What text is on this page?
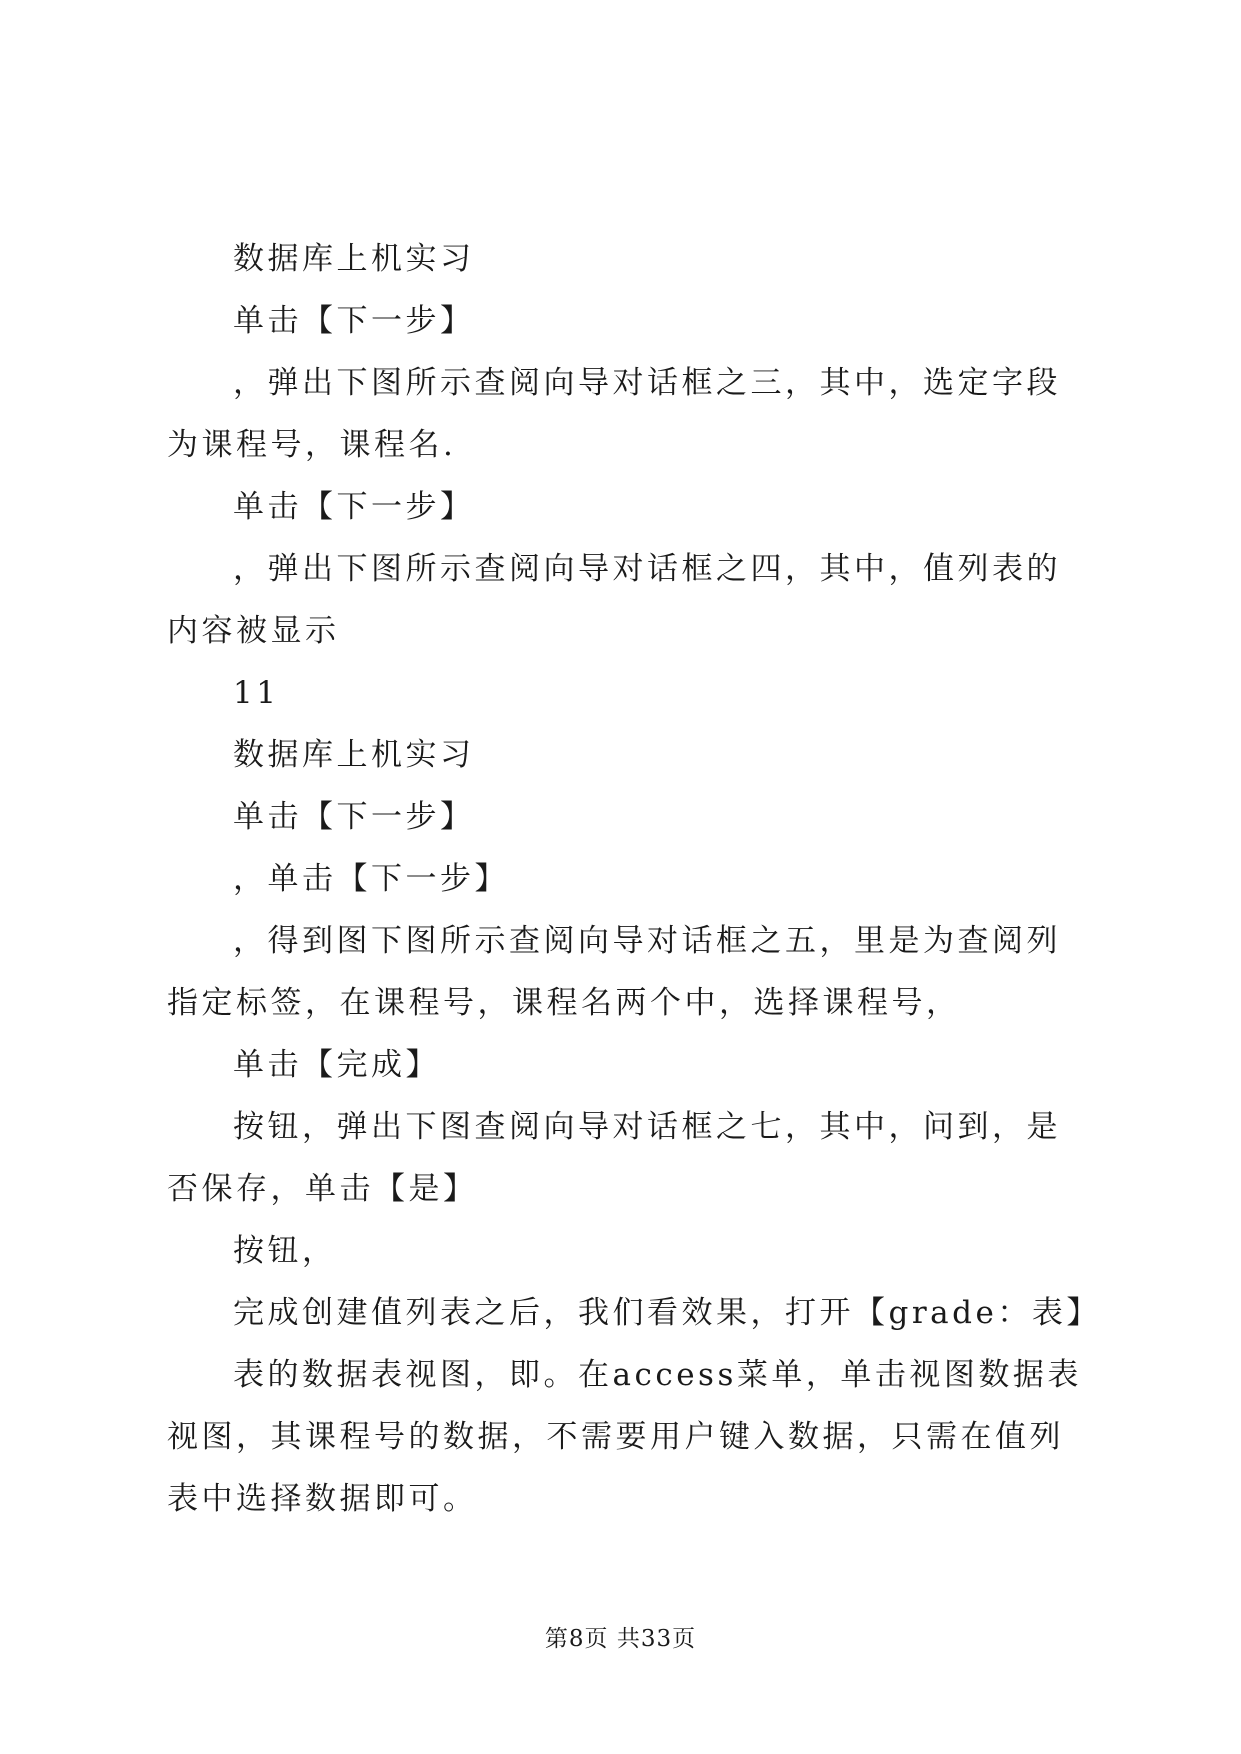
数据库上机实习

单击【下一步】

，弹出下图所示查阅向导对话框之三，其中，选定字段为课程号，课程名.

单击【下一步】

，弹出下图所示查阅向导对话框之四，其中，值列表的内容被显示

11

数据库上机实习

单击【下一步】

，单击【下一步】

，得到图下图所示查阅向导对话框之五，里是为查阅列指定标签，在课程号，课程名两个中，选择课程号，

单击【完成】

按钮，弹出下图查阅向导对话框之七，其中，问到，是否保存，单击【是】

按钮，

完成创建值列表之后，我们看效果，打开【grade：表】

表的数据表视图，即。在access菜单，单击视图数据表视图，其课程号的数据，不需要用户键入数据，只需在值列表中选择数据即可。

第8页 共33页
